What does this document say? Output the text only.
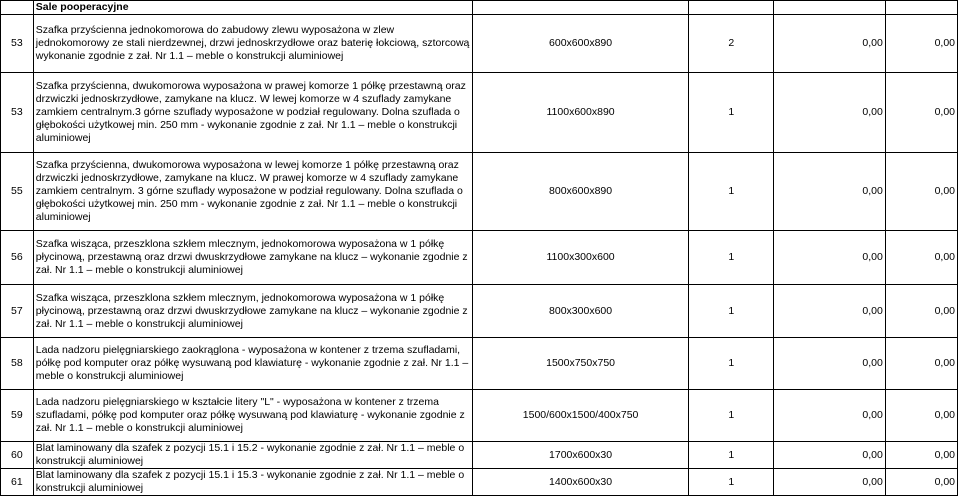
	Sale pooperacyjne				
53	Szafka przyścienna jednokomorowa do zabudowy zlewu wyposażona w zlew jednokomorowy ze stali nierdzewnej, drzwi jednoskrzydłowe oraz baterię łokciową, sztorcową wykonanie zgodnie z zał. Nr 1.1 – meble o konstrukcji aluminiowej	600x600x890	2	0,00	0,00
53	Szafka przyścienna, dwukomorowa wyposażona w prawej komorze 1 półkę przestawną oraz drzwiczki jednoskrzydłowe, zamykane na klucz. W lewej komorze w 4 szuflady zamykane zamkiem centralnym.3 górne szuflady wyposażone w podział regulowany. Dolna szuflada o głębokości użytkowej min. 250 mm - wykonanie zgodnie z zał. Nr 1.1 – meble o konstrukcji aluminiowej	1100x600x890	1	0,00	0,00
55	Szafka przyścienna, dwukomorowa wyposażona w lewej komorze 1 półkę przestawną oraz drzwiczki jednoskrzydłowe, zamykane na klucz. W prawej komorze w 4 szuflady zamykane zamkiem centralnym. 3 górne szuflady wyposażone w podział regulowany. Dolna szuflada o głębokości użytkowej min. 250 mm - wykonanie zgodnie z zał. Nr 1.1 – meble o konstrukcji aluminiowej	800x600x890	1	0,00	0,00
56	Szafka wisząca, przeszklona szkłem mlecznym, jednokomorowa wyposażona w 1 półkę płycinową, przestawną oraz drzwi dwuskrzydłowe zamykane na klucz – wykonanie zgodnie z zał. Nr 1.1 – meble o konstrukcji aluminiowej	1100x300x600	1	0,00	0,00
57	Szafka wisząca, przeszklona szkłem mlecznym, jednokomorowa wyposażona w 1 półkę płycinową, przestawną oraz drzwi dwuskrzydłowe zamykane na klucz – wykonanie zgodnie z zał. Nr 1.1 – meble o konstrukcji aluminiowej	800x300x600	1	0,00	0,00
58	Lada nadzoru pielęgniarskiego zaokrąglona - wyposażona w kontener z trzema szufladami, półkę pod komputer oraz półkę wysuwaną pod klawiaturę - wykonanie zgodnie z zał. Nr 1.1 – meble o konstrukcji aluminiowej	1500x750x750	1	0,00	0,00
59	Lada nadzoru pielęgniarskiego w kształcie litery "L" - wyposażona w kontener z trzema szufladami, półkę pod komputer oraz półkę wysuwaną pod klawiaturę - wykonanie zgodnie z zał. Nr 1.1 – meble o konstrukcji aluminiowej	1500/600x1500/400x750	1	0,00	0,00
60	Blat laminowany dla szafek z pozycji 15.1 i 15.2 - wykonanie zgodnie z zał. Nr 1.1 – meble o konstrukcji aluminiowej	1700x600x30	1	0,00	0,00
61	Blat laminowany dla szafek z pozycji 15.1 i 15.3 - wykonanie zgodnie z zał. Nr 1.1 – meble o konstrukcji aluminiowej	1400x600x30	1	0,00	0,00
